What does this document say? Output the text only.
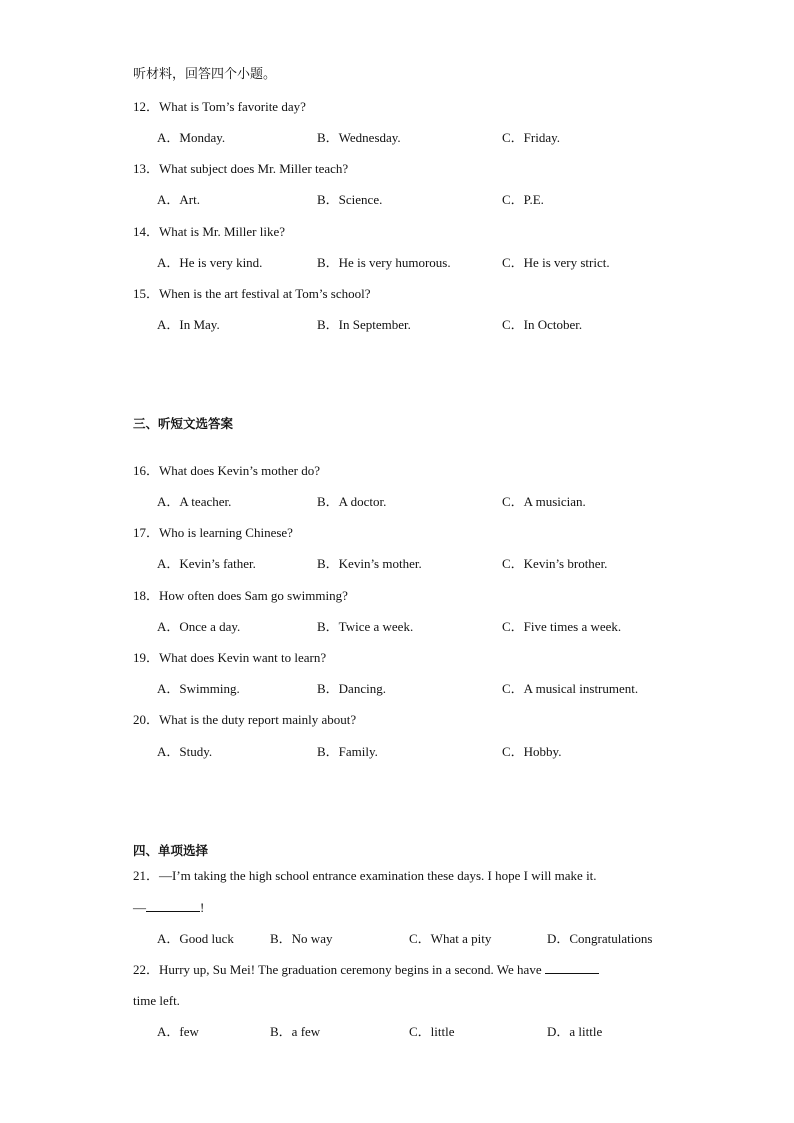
听材料，回答四个小题。
12．What is Tom’s favorite day?
A．Monday.	B．Wednesday.	C．Friday.
13．What subject does Mr. Miller teach?
A．Art.	B．Science.	C．P.E.
14．What is Mr. Miller like?
A．He is very kind.	B．He is very humorous.	C．He is very strict.
15．When is the art festival at Tom’s school?
A．In May.	B．In September.	C．In October.
三、听短文选答案
16．What does Kevin’s mother do?
A．A teacher.	B．A doctor.	C．A musician.
17．Who is learning Chinese?
A．Kevin’s father.	B．Kevin’s mother.	C．Kevin’s brother.
18．How often does Sam go swimming?
A．Once a day.	B．Twice a week.	C．Five times a week.
19．What does Kevin want to learn?
A．Swimming.	B．Dancing.	C．A musical instrument.
20．What is the duty report mainly about?
A．Study.	B．Family.	C．Hobby.
四、单项选择
21．—I’m taking the high school entrance examination these days. I hope I will make it.
—	!
A．Good luck	B．No way	C．What a pity	D．Congratulations
22．Hurry up, Su Mei! The graduation ceremony begins in a second. We have
time left.
A．few	B．a few	C．little	D．a little
